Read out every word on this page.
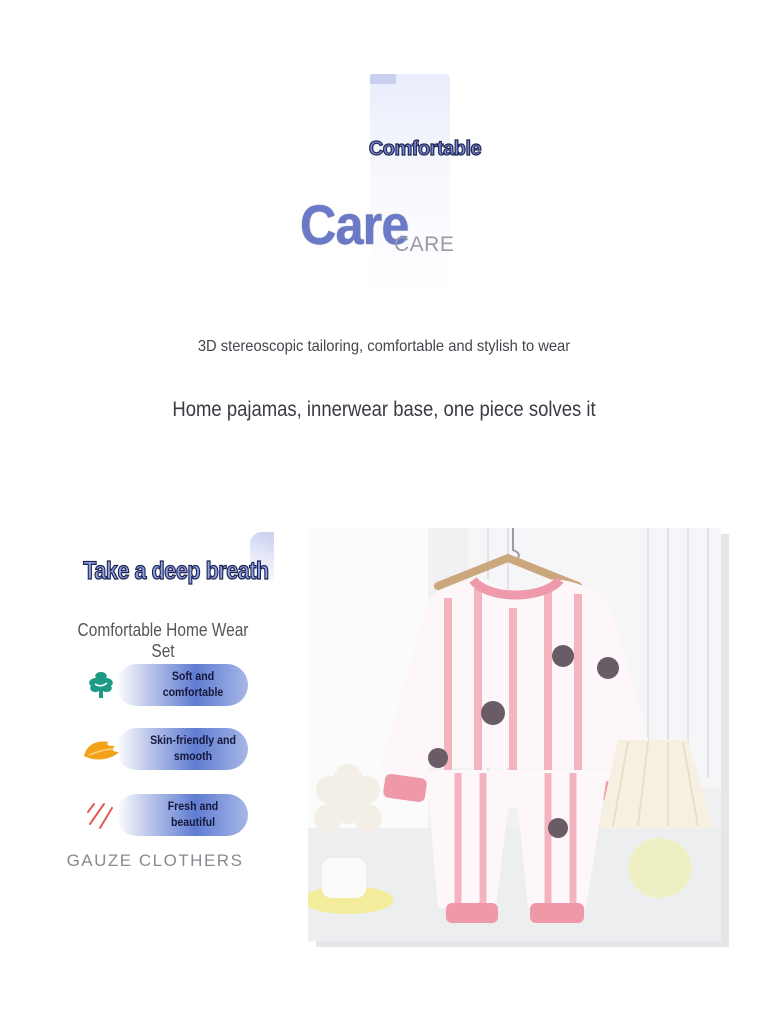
Comfortable
Care
CARE
3D stereoscopic tailoring, comfortable and stylish to wear
Home pajamas, innerwear base, one piece solves it
Take a deep breath
Comfortable Home Wear Set
Soft and comfortable
Skin-friendly and smooth
Fresh and beautiful
GAUZE CLOTHERS
